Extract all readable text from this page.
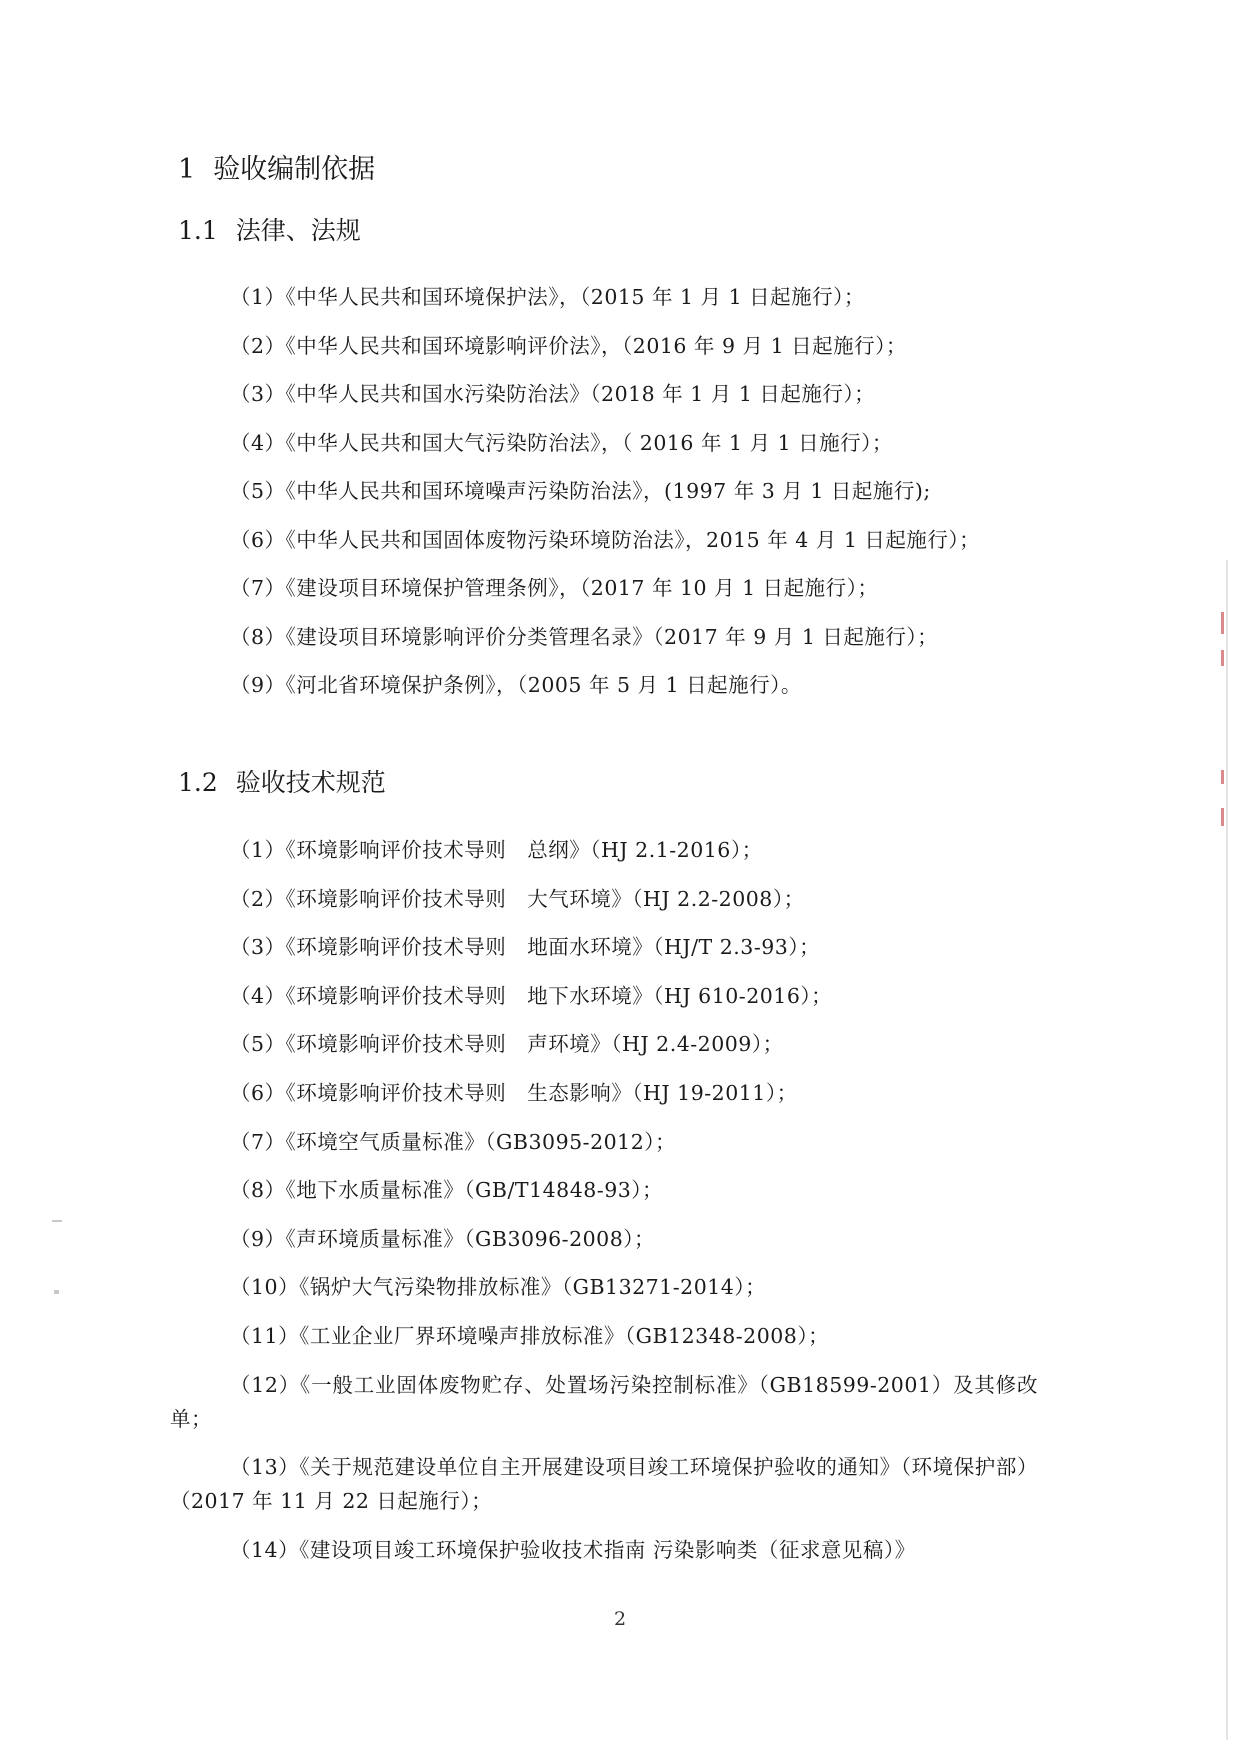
1 验收编制依据
1.1 法律、法规
（1）《中华人民共和国环境保护法》，（2015 年 1 月 1 日起施行）；
（2）《中华人民共和国环境影响评价法》，（2016 年 9 月 1 日起施行）；
（3）《中华人民共和国水污染防治法》（2018 年 1 月 1 日起施行）；
（4）《中华人民共和国大气污染防治法》，（ 2016 年 1 月 1 日施行）；
（5）《中华人民共和国环境噪声污染防治法》，(1997 年 3 月 1 日起施行);
（6）《中华人民共和国固体废物污染环境防治法》，2015 年 4 月 1 日起施行）；
（7）《建设项目环境保护管理条例》，（2017 年 10 月 1 日起施行）；
（8）《建设项目环境影响评价分类管理名录》（2017 年 9 月 1 日起施行）；
（9）《河北省环境保护条例》，（2005 年 5 月 1 日起施行）。
1.2 验收技术规范
（1）《环境影响评价技术导则　总纲》（HJ 2.1-2016）；
（2）《环境影响评价技术导则　大气环境》（HJ 2.2-2008）；
（3）《环境影响评价技术导则　地面水环境》（HJ/T 2.3-93）；
（4）《环境影响评价技术导则　地下水环境》（HJ 610-2016）；
（5）《环境影响评价技术导则　声环境》（HJ 2.4-2009）；
（6）《环境影响评价技术导则　生态影响》（HJ 19-2011）；
（7）《环境空气质量标准》（GB3095-2012）；
（8）《地下水质量标准》（GB/T14848-93）；
（9）《声环境质量标准》（GB3096-2008）；
（10）《锅炉大气污染物排放标准》（GB13271-2014）；
（11）《工业企业厂界环境噪声排放标准》（GB12348-2008）；
（12）《一般工业固体废物贮存、处置场污染控制标准》（GB18599-2001）及其修改单；
（13）《关于规范建设单位自主开展建设项目竣工环境保护验收的通知》（环境保护部）（2017 年 11 月 22 日起施行）；
（14）《建设项目竣工环境保护验收技术指南 污染影响类（征求意见稿）》
2
